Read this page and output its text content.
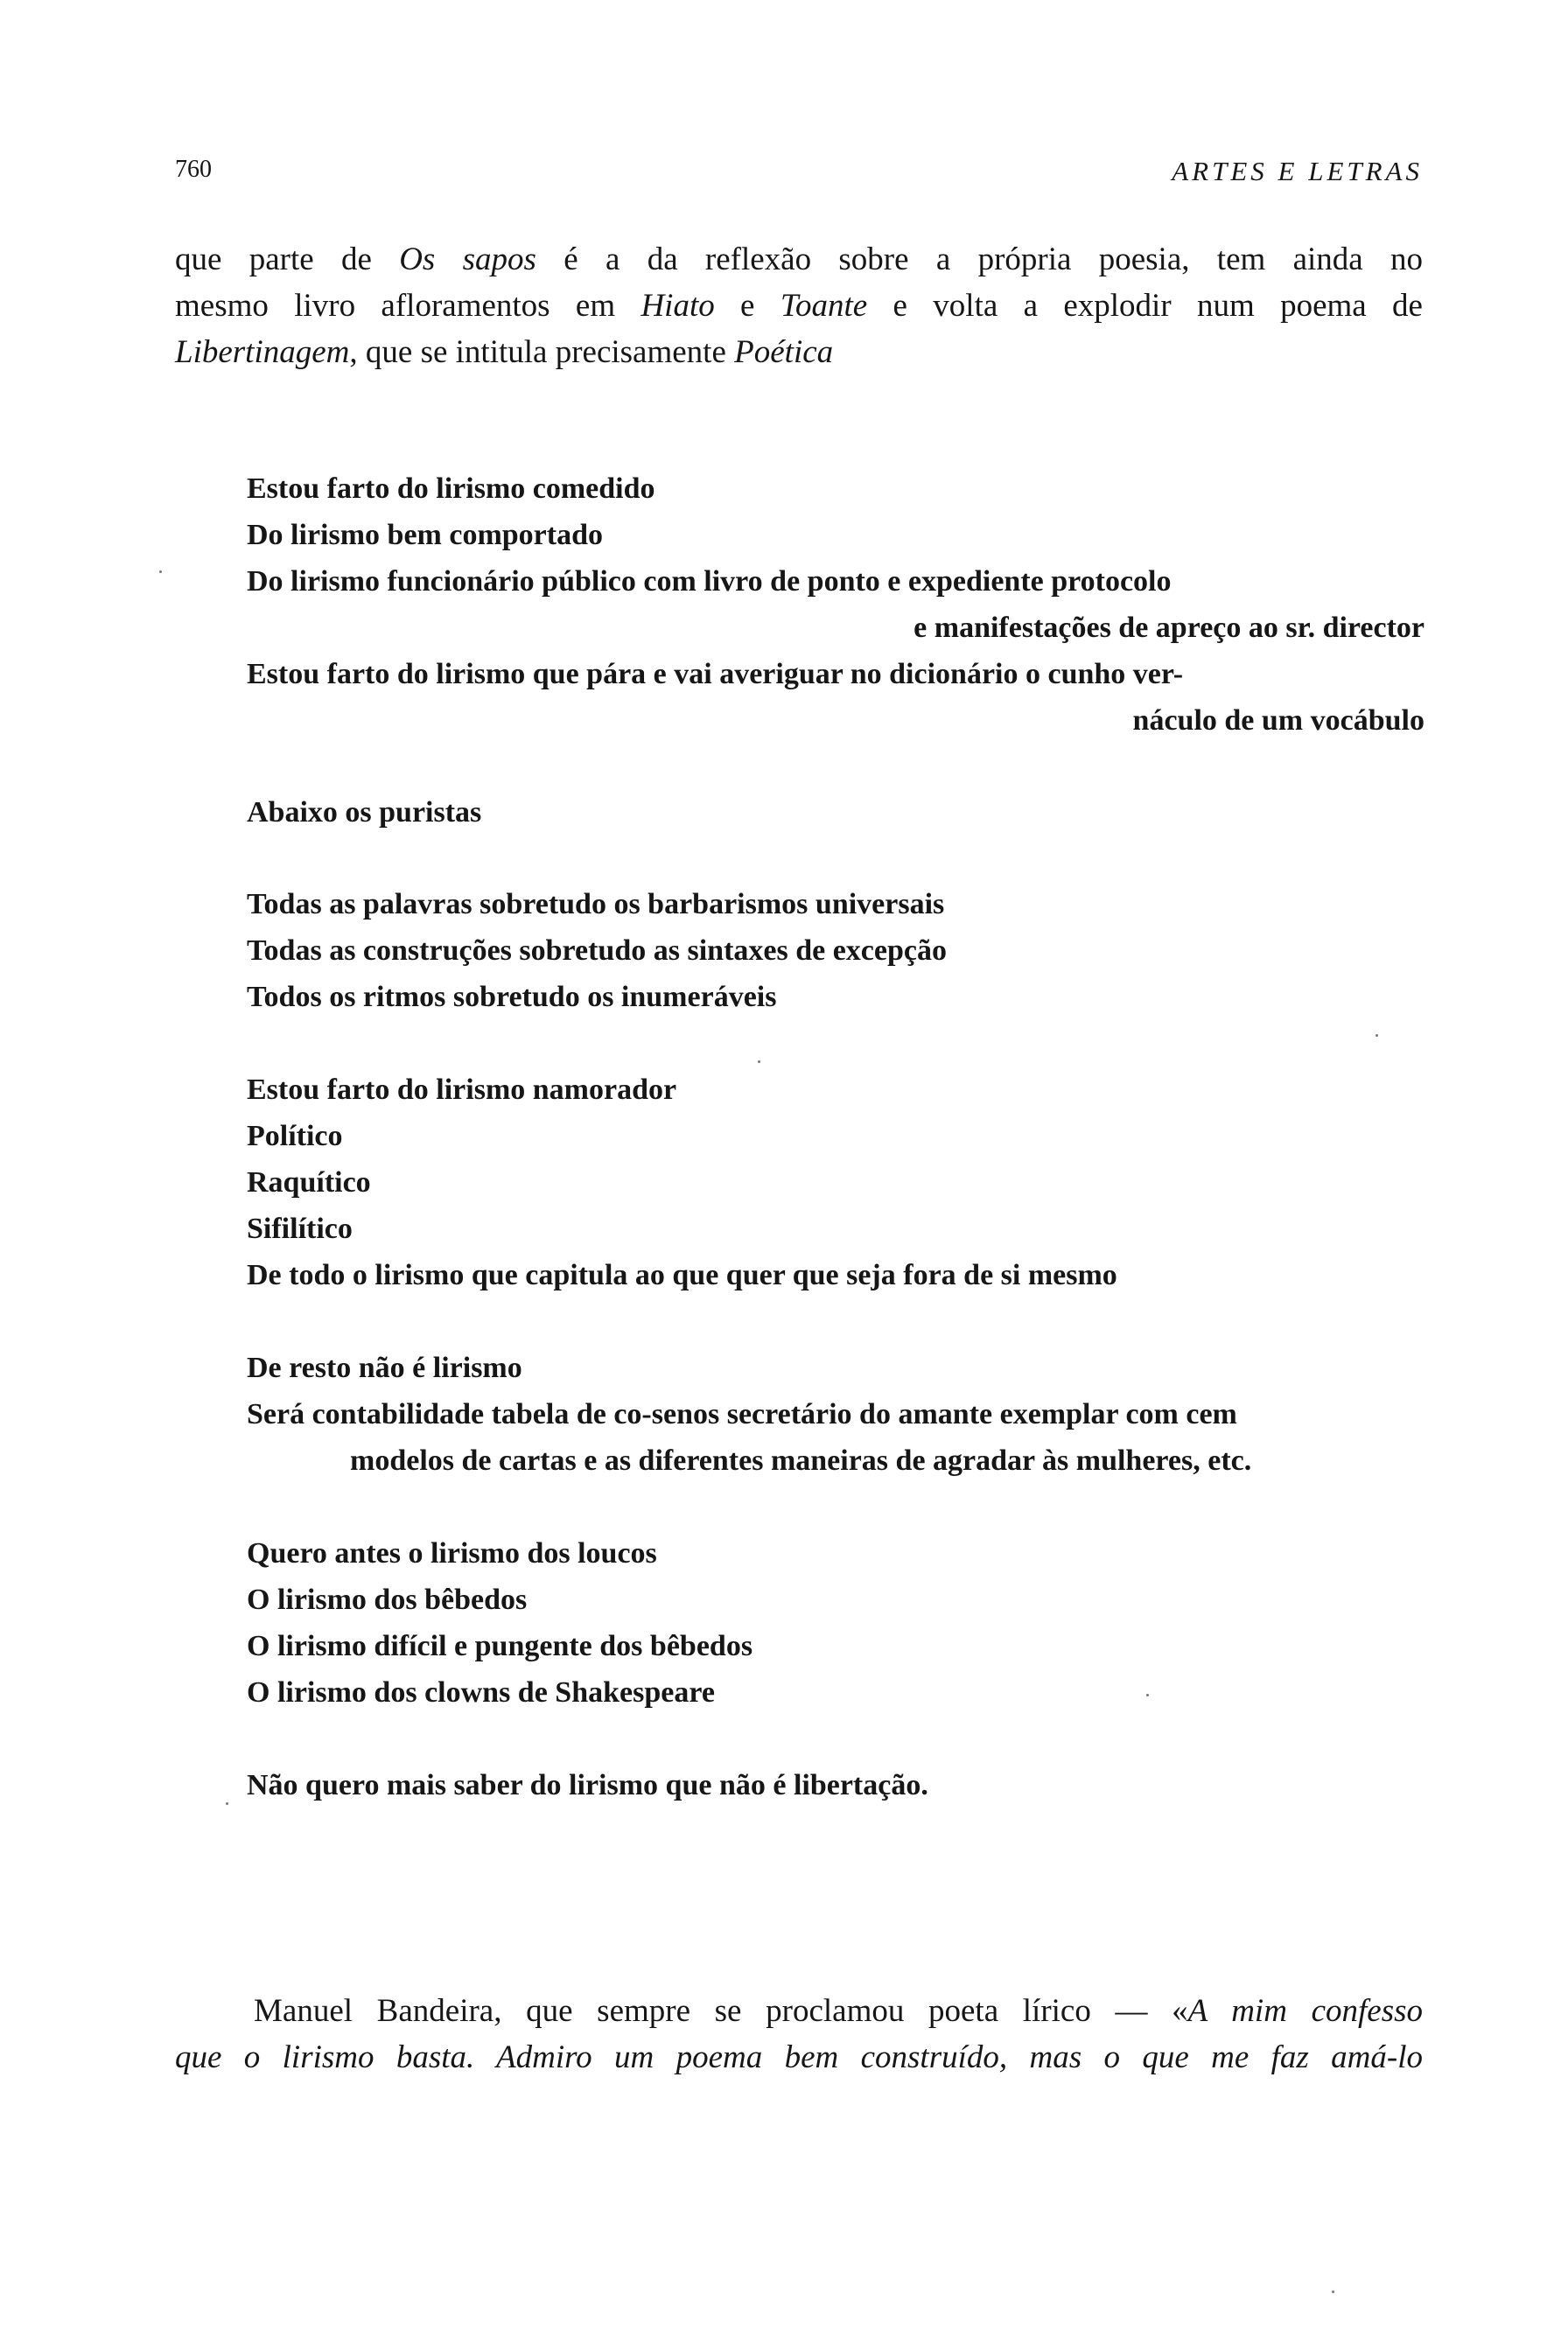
760	ARTES E LETRAS
que parte de Os sapos é a da reflexão sobre a própria poesia, tem ainda no
mesmo livro afloramentos em Hiato e Toante e volta a explodir num poema de
Libertinagem, que se intitula precisamente Poética
Estou farto do lirismo comedido
Do lirismo bem comportado
Do lirismo funcionário público com livro de ponto e expediente protocolo
e manifestações de apreço ao sr. director
Estou farto do lirismo que pára e vai averiguar no dicionário o cunho ver-
náculo de um vocábulo
Abaixo os puristas
Todas as palavras sobretudo os barbarismos universais
Todas as construções sobretudo as sintaxes de excepção
Todos os ritmos sobretudo os inumeráveis
Estou farto do lirismo namorador
Político
Raquítico
Sifilítico
De todo o lirismo que capitula ao que quer que seja fora de si mesmo
De resto não é lirismo
Será contabilidade tabela de co-senos secretário do amante exemplar com cem
modelos de cartas e as diferentes maneiras de agradar às mulheres, etc.
Quero antes o lirismo dos loucos
O lirismo dos bêbedos
O lirismo difícil e pungente dos bêbedos
O lirismo dos clowns de Shakespeare
Não quero mais saber do lirismo que não é libertação.
Manuel Bandeira, que sempre se proclamou poeta lírico — «A mim confesso
que o lirismo basta. Admiro um poema bem construído, mas o que me faz amá-lo
